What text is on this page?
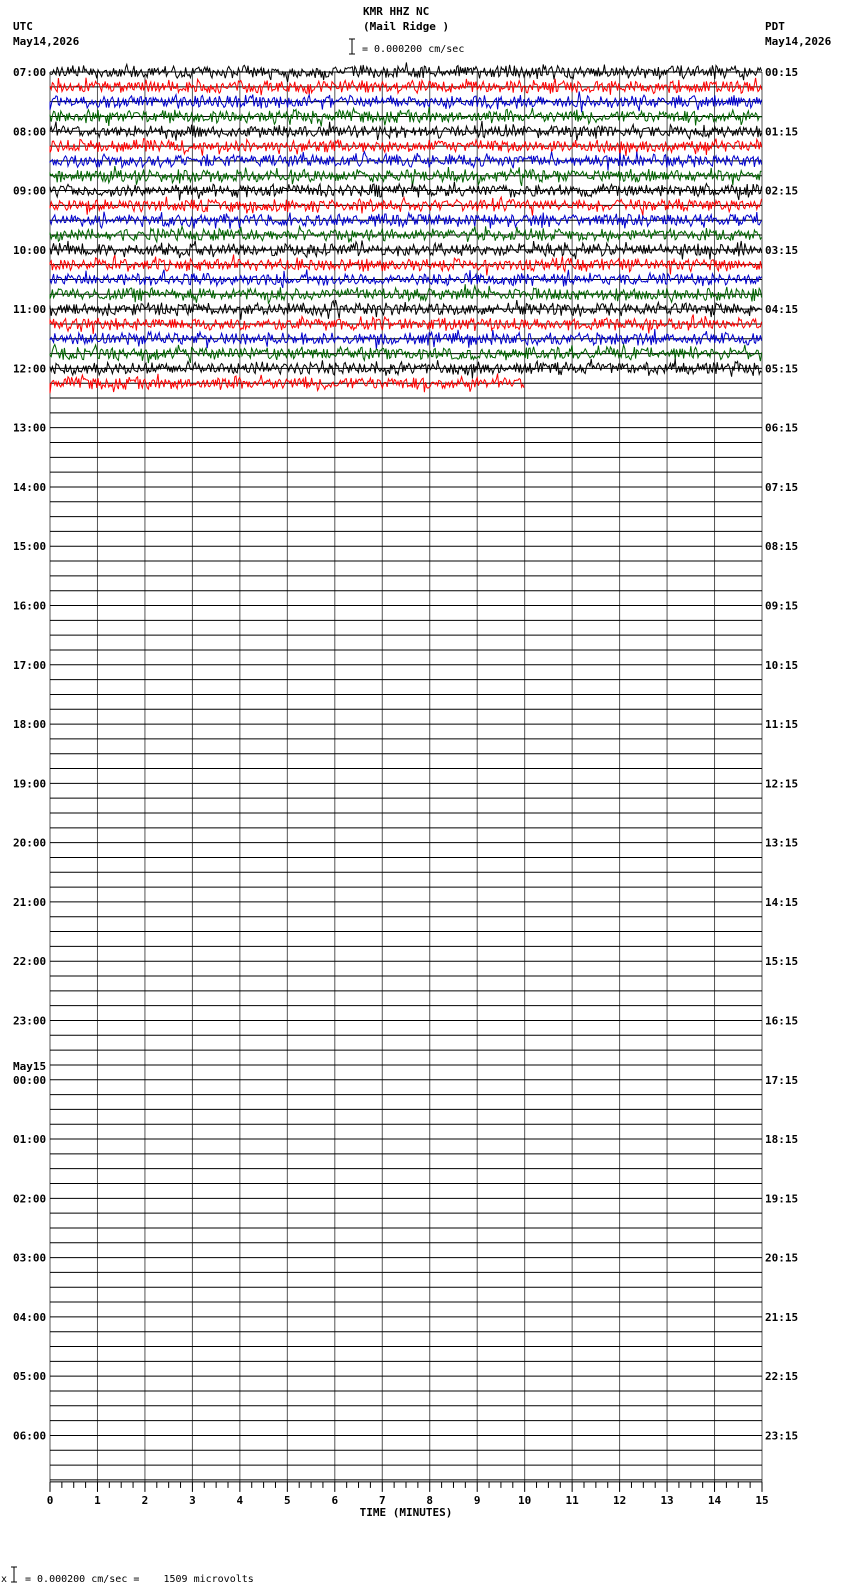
UTC
May14,2026
KMR HHZ NC
(Mail Ridge )
= 0.000200 cm/sec
PDT
May14,2026
x = 0.000200 cm/sec =    1509 microvolts
0	1	2	3	4	5	6	7	8	9	10	11	12	13	14	15
TIME (MINUTES)
07:00
08:00
09:00
10:00
11:00
12:00
13:00
14:00
15:00
16:00
17:00
18:00
19:00
20:00
21:00
22:00
23:00
00:00
May15
01:00
02:00
03:00
04:00
05:00
06:00
00:15
01:15
02:15
03:15
04:15
05:15
06:15
07:15
08:15
09:15
10:15
11:15
12:15
13:15
14:15
15:15
16:15
17:15
18:15
19:15
20:15
21:15
22:15
23:15
